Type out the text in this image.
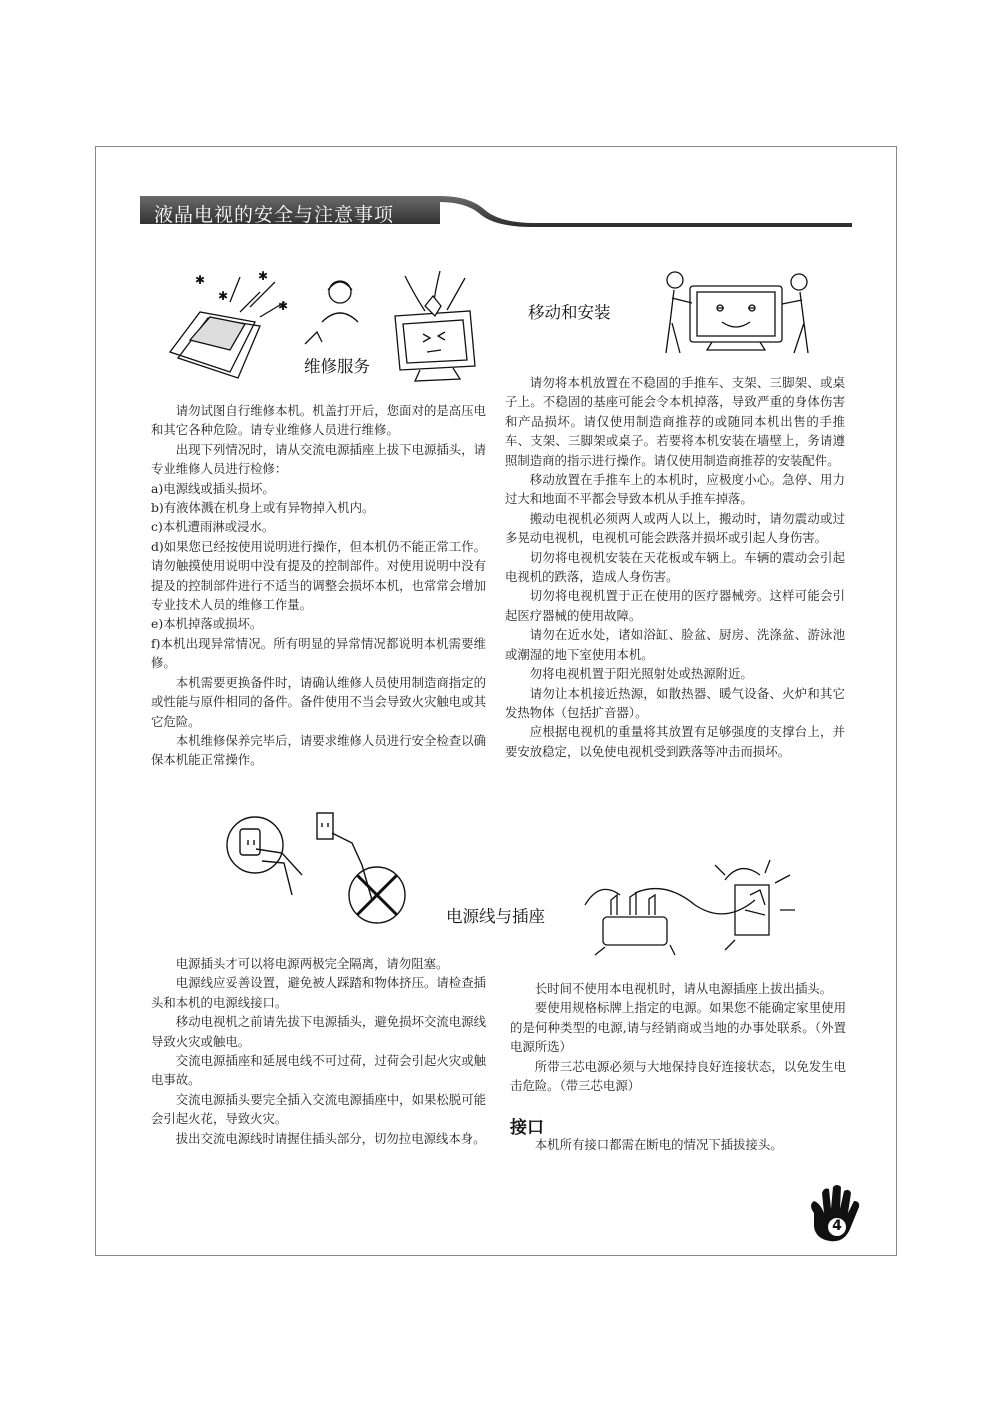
液晶电视的安全与注意事项
✱
✱
✱
✱
维修服务

请勿试图自行维修本机。机盖打开后，您面对的是高压电和其它各种危险。请专业维修人员进行维修。

出现下列情况时，请从交流电源插座上拔下电源插头，请专业维修人员进行检修：

a)电源线或插头损坏。

b)有液体溅在机身上或有异物掉入机内。

c)本机遭雨淋或浸水。

d)如果您已经按使用说明进行操作，但本机仍不能正常工作。请勿触摸使用说明中没有提及的控制部件。对使用说明中没有提及的控制部件进行不适当的调整会损坏本机，也常常会增加专业技术人员的维修工作量。

e)本机掉落或损坏。

f)本机出现异常情况。所有明显的异常情况都说明本机需要维修。

本机需要更换备件时，请确认维修人员使用制造商指定的或性能与原件相同的备件。备件使用不当会导致火灾触电或其它危险。

本机维修保养完毕后，请要求维修人员进行安全检查以确保本机能正常操作。

移动和安装

请勿将本机放置在不稳固的手推车、支架、三脚架、或桌子上。不稳固的基座可能会令本机掉落，导致严重的身体伤害和产品损坏。请仅使用制造商推荐的或随同本机出售的手推车、支架、三脚架或桌子。若要将本机安装在墙壁上，务请遵照制造商的指示进行操作。请仅使用制造商推荐的安装配件。

移动放置在手推车上的本机时，应极度小心。急停、用力过大和地面不平都会导致本机从手推车掉落。

搬动电视机必须两人或两人以上，搬动时，请勿震动或过多晃动电视机，电视机可能会跌落并损坏或引起人身伤害。

切勿将电视机安装在天花板或车辆上。车辆的震动会引起电视机的跌落，造成人身伤害。

切勿将电视机置于正在使用的医疗器械旁。这样可能会引起医疗器械的使用故障。

请勿在近水处，诸如浴缸、脸盆、厨房、洗涤盆、游泳池或潮湿的地下室使用本机。

勿将电视机置于阳光照射处或热源附近。

请勿让本机接近热源，如散热器、暖气设备、火炉和其它发热物体（包括扩音器）。

应根据电视机的重量将其放置有足够强度的支撑台上，并要安放稳定，以免使电视机受到跌落等冲击而损坏。

电源线与插座

电源插头才可以将电源两极完全隔离，请勿阻塞。

电源线应妥善设置，避免被人踩踏和物体挤压。请检查插头和本机的电源线接口。

移动电视机之前请先拔下电源插头，避免损坏交流电源线导致火灾或触电。

交流电源插座和延展电线不可过荷，过荷会引起火灾或触电事故。

交流电源插头要完全插入交流电源插座中，如果松脱可能会引起火花，导致火灾。

拔出交流电源线时请握住插头部分，切勿拉电源线本身。

长时间不使用本电视机时，请从电源插座上拔出插头。

要使用规格标牌上指定的电源。如果您不能确定家里使用的是何种类型的电源,请与经销商或当地的办事处联系。（外置电源所选）

所带三芯电源必须与大地保持良好连接状态，以免发生电击危险。（带三芯电源）

接口

本机所有接口都需在断电的情况下插拔接头。

4
